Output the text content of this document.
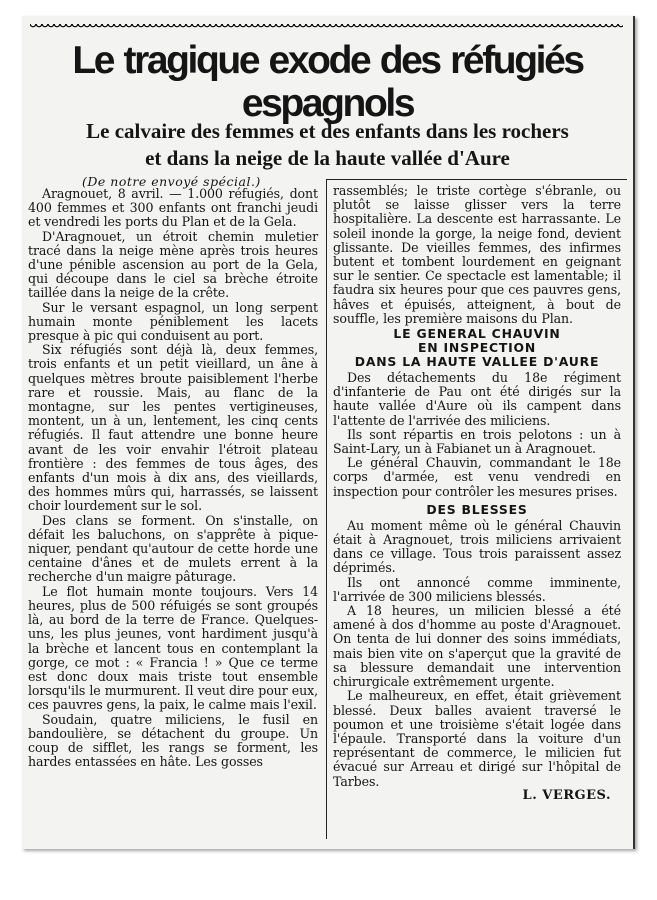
Le tragique exode des réfugiés espagnols
Le calvaire des femmes et des enfants dans les rochers
et dans la neige de la haute vallée d'Aure
(De notre envoyé spécial.)

Aragnouet, 8 avril. — 1.000 réfugiés, dont 400 femmes et 300 enfants ont franchi jeudi et vendredi les ports du Plan et de la Gela.

D'Aragnouet, un étroit chemin muletier tracé dans la neige mène après trois heures d'une pénible ascension au port de la Gela, qui découpe dans le ciel sa brèche étroite taillée dans la neige de la crête.

Sur le versant espagnol, un long serpent humain monte péniblement les lacets presque à pic qui conduisent au port.

Six réfugiés sont déjà là, deux femmes, trois enfants et un petit vieillard, un âne à quelques mètres broute paisiblement l'herbe rare et roussie. Mais, au flanc de la montagne, sur les pentes vertigineuses, montent, un à un, lentement, les cinq cents réfugiés. Il faut attendre une bonne heure avant de les voir envahir l'étroit plateau frontière : des femmes de tous âges, des enfants d'un mois à dix ans, des vieillards, des hommes mûrs qui, harrassés, se laissent choir lourdement sur le sol.

Des clans se forment. On s'installe, on défait les baluchons, on s'apprête à pique-niquer, pendant qu'autour de cette horde une centaine d'ânes et de mulets errent à la recherche d'un maigre pâturage.

Le flot humain monte toujours. Vers 14 heures, plus de 500 réfuigés se sont groupés là, au bord de la terre de France. Quelques-uns, les plus jeunes, vont hardiment jusqu'à la brèche et lancent tous en contemplant la gorge, ce mot : « Francia ! » Que ce terme est donc doux mais triste tout ensemble lorsqu'ils le murmurent. Il veut dire pour eux, ces pauvres gens, la paix, le calme mais l'exil.

Soudain, quatre miliciens, le fusil en bandoulière, se détachent du groupe. Un coup de sifflet, les rangs se forment, les hardes entassées en hâte. Les gosses

rassemblés; le triste cortège s'ébranle, ou plutôt se laisse glisser vers la terre hospitalière. La descente est harrassante. Le soleil inonde la gorge, la neige fond, devient glissante. De vieilles femmes, des infirmes butent et tombent lourdement en geignant sur le sentier. Ce spectacle est lamentable; il faudra six heures pour que ces pauvres gens, hâves et épuisés, atteignent, à bout de souffle, les première maisons du Plan.

LE GENERAL CHAUVIN
EN INSPECTION
DANS LA HAUTE VALLEE D'AURE

Des détachements du 18e régiment d'infanterie de Pau ont été dirigés sur la haute vallée d'Aure où ils campent dans l'attente de l'arrivée des miliciens.

Ils sont répartis en trois pelotons : un à Saint-Lary, un à Fabianet un à Aragnouet.

Le général Chauvin, commandant le 18e corps d'armée, est venu vendredi en inspection pour contrôler les mesures prises.

DES BLESSES

Au moment même où le général Chauvin était à Aragnouet, trois miliciens arrivaient dans ce village. Tous trois paraissent assez déprimés.

Ils ont annoncé comme imminente, l'arrivée de 300 miliciens blessés.

A 18 heures, un milicien blessé a été amené à dos d'homme au poste d'Aragnouet. On tenta de lui donner des soins immédiats, mais bien vite on s'aperçut que la gravité de sa blessure demandait une intervention chirurgicale extrêmement urgente.

Le malheureux, en effet, était grièvement blessé. Deux balles avaient traversé le poumon et une troisième s'était logée dans l'épaule. Transporté dans la voiture d'un représentant de commerce, le milicien fut évacué sur Arreau et dirigé sur l'hôpital de Tarbes.

L. VERGES.
